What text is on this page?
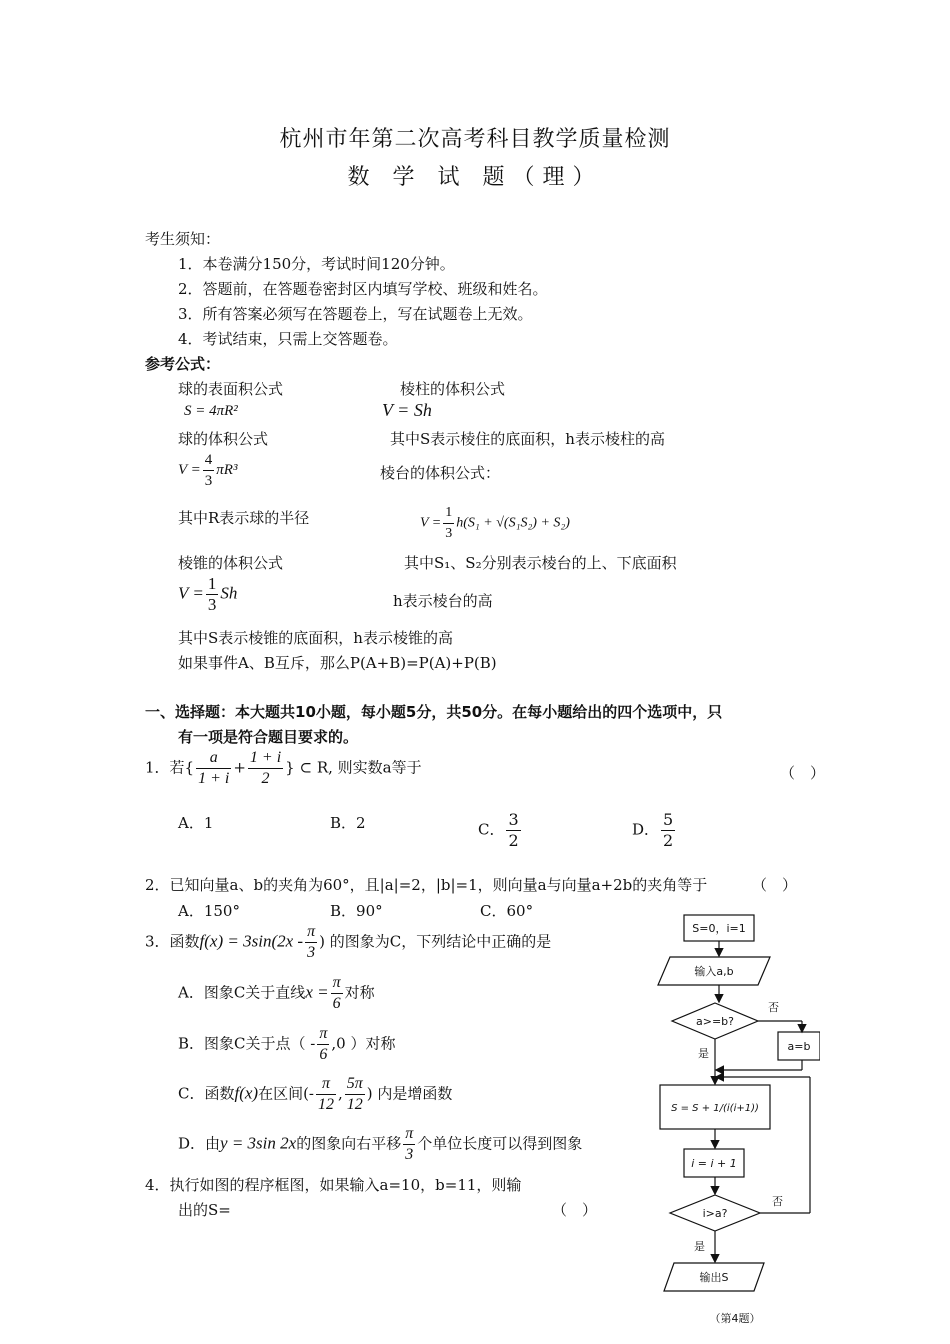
杭州市年第二次高考科目教学质量检测
数 学 试 题（理）
考生须知：
1．本卷满分150分，考试时间120分钟。
2．答题前，在答题卷密封区内填写学校、班级和姓名。
3．所有答案必须写在答题卷上，写在试题卷上无效。
4．考试结束，只需上交答题卷。
参考公式：
球的表面积公式	棱柱的体积公式
S = 4πR²	V = Sh
球的体积公式	其中S表示棱住的底面积，h表示棱柱的高
$V = \frac{4}{3} \pi R^3$	棱台的体积公式：
其中R表示球的半径	$V = \frac{1}{3} h(S_1 + √(S_1S_2) + S_2)$
棱锥的体积公式	其中S₁、S₂分别表示棱台的上、下底面积
$V = \frac{1}{3}$ Sh	h表示棱台的高
其中S表示棱锥的底面积，h表示棱锥的高
如果事件A、B互斥，那么P(A+B)=P(A)+P(B)
一、选择题：本大题共10小题，每小题5分，共50分。在每小题给出的四个选项中，只
有一项是符合题目要求的。
1．若{ $\frac{a}{1 + i} + \frac{1 + i}{2}$ } ⊂ R, 则实数a等于	（　）
A．1	B．2	C． $\frac{3}{2}$	D． $\frac{5}{2}$
2．已知向量a、b的夹角为60°，且|a|=2，|b|=1，则向量a与向量a+2b的夹角等于	（　）
A．150°	B．90°	C．60°
3．函数$f(x) = 3\sin(2x - \frac{\pi}{3}$ ) 的图象为C，下列结论中正确的是
A．图象C关于直线$x = \frac{\pi}{6}$ 对称
B．图象C关于点（ - $\frac{\pi}{6} ,0$ ）对称
C．函数f(x)在区间(- $\frac{\pi}{12}$ , $\frac{5\pi}{12}$ ) 内是增函数
D．由y = 3sin 2x的图象向右平移 $\frac{\pi}{3}$ 个单位长度可以得到图象
4．执行如图的程序框图，如果输入a=10，b=11，则输
出的S=	（　）
S=0，i=1
输入a,b
a>=b?
否
a=b
是
S = S + 1/(i(i+1))
i = i + 1
i>a?
否
是
输出S
（第4题）
